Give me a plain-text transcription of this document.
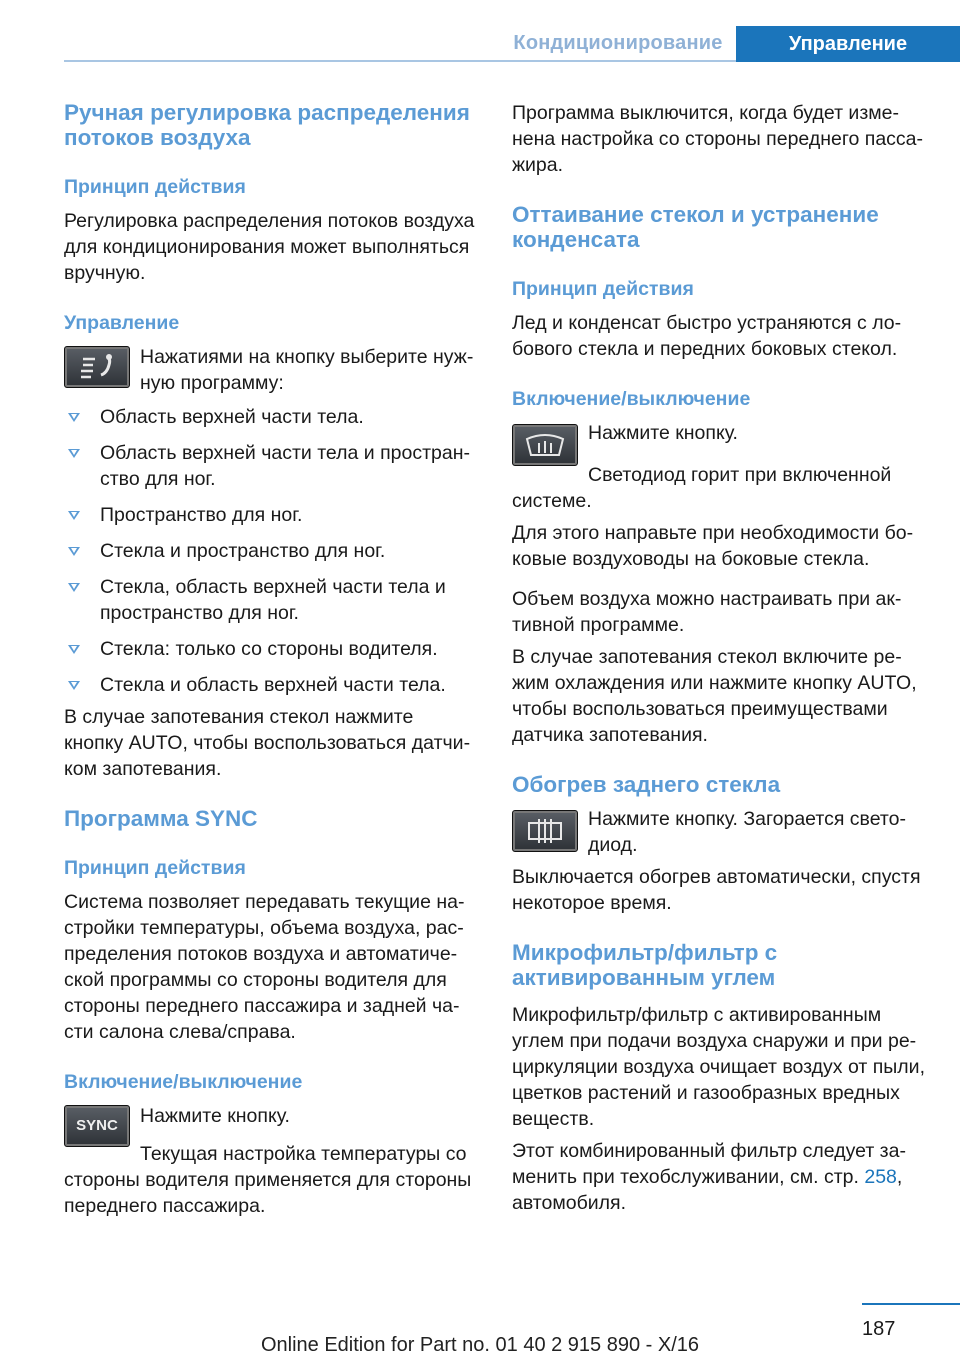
Кондиционирование	Управление
Ручная регулировка распределения потоков воздуха
Принцип действия

Регулировка распределения потоков воздуха для кондиционирования может выполняться вручную.

Управление

Нажатиями на кнопку выберите нужную программу:

Область верхней части тела.
Область верхней части тела и пространство для ног.
Пространство для ног.
Стекла и пространство для ног.
Стекла, область верхней части тела и пространство для ног.
Стекла: только со стороны водителя.
Стекла и область верхней части тела.

В случае запотевания стекол нажмите кнопку AUTO, чтобы воспользоваться датчиком запотевания.

Программа SYNC
Принцип действия

Система позволяет передавать текущие настройки температуры, объема воздуха, распределения потоков воздуха и автоматической программы со стороны водителя для стороны переднего пассажира и задней части салона слева/справа.

Включение/выключение
SYNC	Нажмите кнопку.

Текущая настройка температуры со стороны водителя применяется для стороны переднего пассажира.

Программа выключится, когда будет изменена настройка со стороны переднего пассажира.

Оттаивание стекол и устранение конденсата
Принцип действия

Лед и конденсат быстро устраняются с лобового стекла и передних боковых стекол.

Включение/выключение

Нажмите кнопку.

Светодиод горит при включенной системе.

Для этого направьте при необходимости боковые воздуховоды на боковые стекла.

Объем воздуха можно настраивать при активной программе.

В случае запотевания стекол включите режим охлаждения или нажмите кнопку AUTO, чтобы воспользоваться преимуществами датчика запотевания.

Обогрев заднего стекла

Нажмите кнопку. Загорается светодиод.

Выключается обогрев автоматически, спустя некоторое время.

Микрофильтр/фильтр с активированным углем

Микрофильтр/фильтр с активированным углем при подачи воздуха снаружи и при рециркуляции воздуха очищает воздух от пыли, цветков растений и газообразных вредных веществ.

Этот комбинированный фильтр следует заменить при техобслуживании, см. стр. 258, автомобиля.

187
Online Edition for Part no. 01 40 2 915 890 - X/16
